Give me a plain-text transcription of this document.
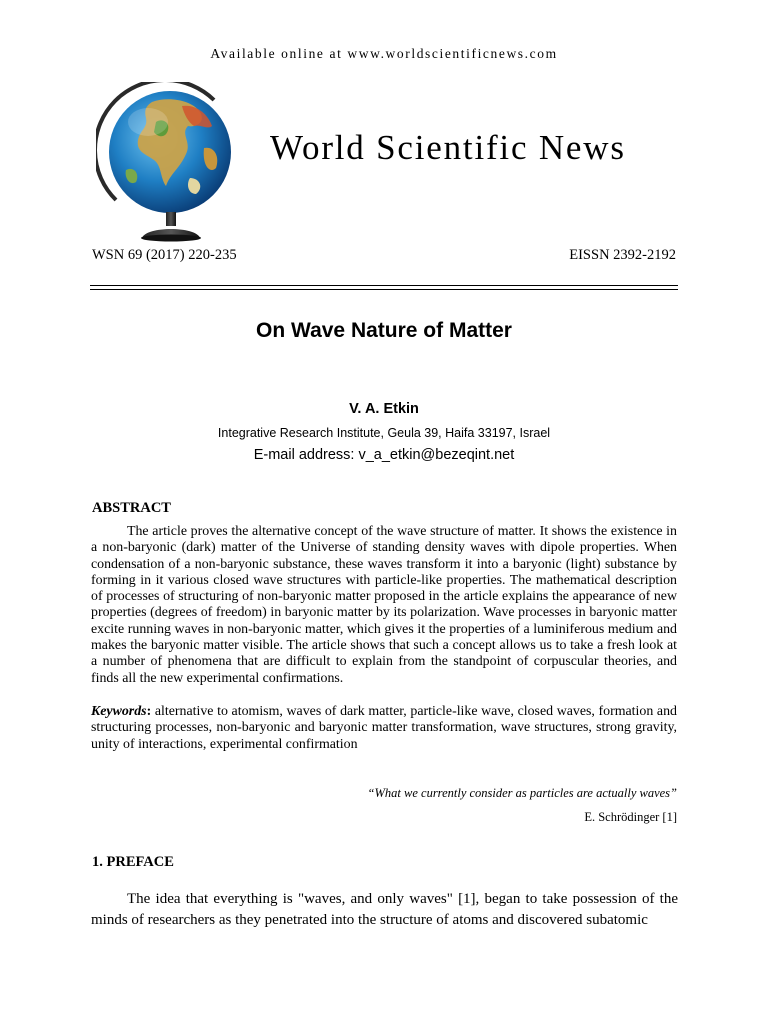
Available online at www.worldscientificnews.com
World Scientific News
WSN 69 (2017) 220-235	EISSN 2392-2192
On Wave Nature of Matter
V. A. Etkin
Integrative Research Institute, Geula 39, Haifa 33197, Israel
E-mail address: v_a_etkin@bezeqint.net
ABSTRACT

The article proves the alternative concept of the wave structure of matter. It shows the existence in a non-baryonic (dark) matter of the Universe of standing density waves with dipole properties. When condensation of a non-baryonic substance, these waves transform it into a baryonic (light) substance by forming in it various closed wave structures with particle-like properties. The mathematical description of processes of structuring of non-baryonic matter proposed in the article explains the appearance of new properties (degrees of freedom) in baryonic matter by its polarization. Wave processes in baryonic matter excite running waves in non-baryonic matter, which gives it the properties of a luminiferous medium and makes the baryonic matter visible. The article shows that such a concept allows us to take a fresh look at a number of phenomena that are difficult to explain from the standpoint of corpuscular theories, and finds all the new experimental confirmations.

Keywords: alternative to atomism, waves of dark matter, particle-like wave, closed waves, formation and structuring processes, non-baryonic and baryonic matter transformation, wave structures, strong gravity, unity of interactions, experimental confirmation

“What we currently consider as particles are actually waves”
E. Schrödinger [1]
1. PREFACE

The idea that everything is "waves, and only waves" [1], began to take possession of the minds of researchers as they penetrated into the structure of atoms and discovered subatomic
